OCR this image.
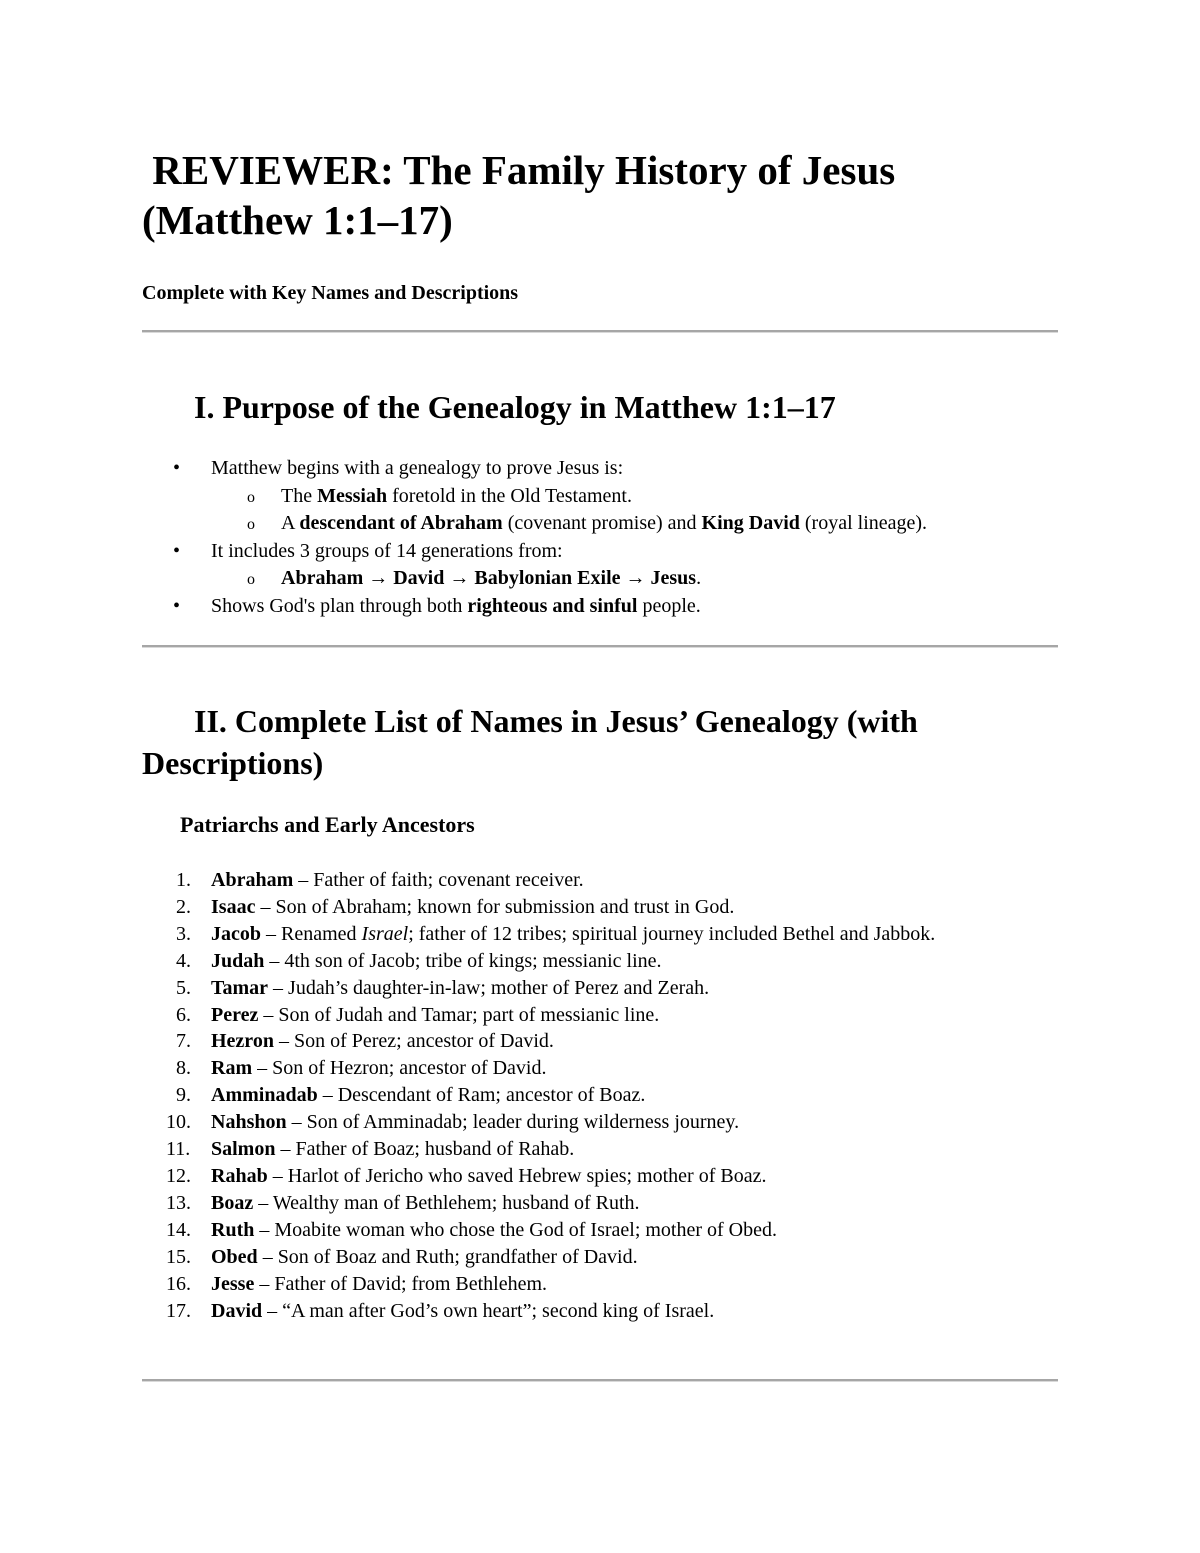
REVIEWER: The Family History of Jesus (Matthew 1:1–17)

Complete with Key Names and Descriptions

I. Purpose of the Genealogy in Matthew 1:1–17
• Matthew begins with a genealogy to prove Jesus is:
o The Messiah foretold in the Old Testament.
o A descendant of Abraham (covenant promise) and King David (royal lineage).
• It includes 3 groups of 14 generations from:
o Abraham → David → Babylonian Exile → Jesus.
• Shows God's plan through both righteous and sinful people.
II. Complete List of Names in Jesus’ Genealogy (with Descriptions)
Patriarchs and Early Ancestors
1. Abraham – Father of faith; covenant receiver.
2. Isaac – Son of Abraham; known for submission and trust in God.
3. Jacob – Renamed Israel; father of 12 tribes; spiritual journey included Bethel and Jabbok.
4. Judah – 4th son of Jacob; tribe of kings; messianic line.
5. Tamar – Judah’s daughter-in-law; mother of Perez and Zerah.
6. Perez – Son of Judah and Tamar; part of messianic line.
7. Hezron – Son of Perez; ancestor of David.
8. Ram – Son of Hezron; ancestor of David.
9. Amminadab – Descendant of Ram; ancestor of Boaz.
10. Nahshon – Son of Amminadab; leader during wilderness journey.
11. Salmon – Father of Boaz; husband of Rahab.
12. Rahab – Harlot of Jericho who saved Hebrew spies; mother of Boaz.
13. Boaz – Wealthy man of Bethlehem; husband of Ruth.
14. Ruth – Moabite woman who chose the God of Israel; mother of Obed.
15. Obed – Son of Boaz and Ruth; grandfather of David.
16. Jesse – Father of David; from Bethlehem.
17. David – “A man after God’s own heart”; second king of Israel.
